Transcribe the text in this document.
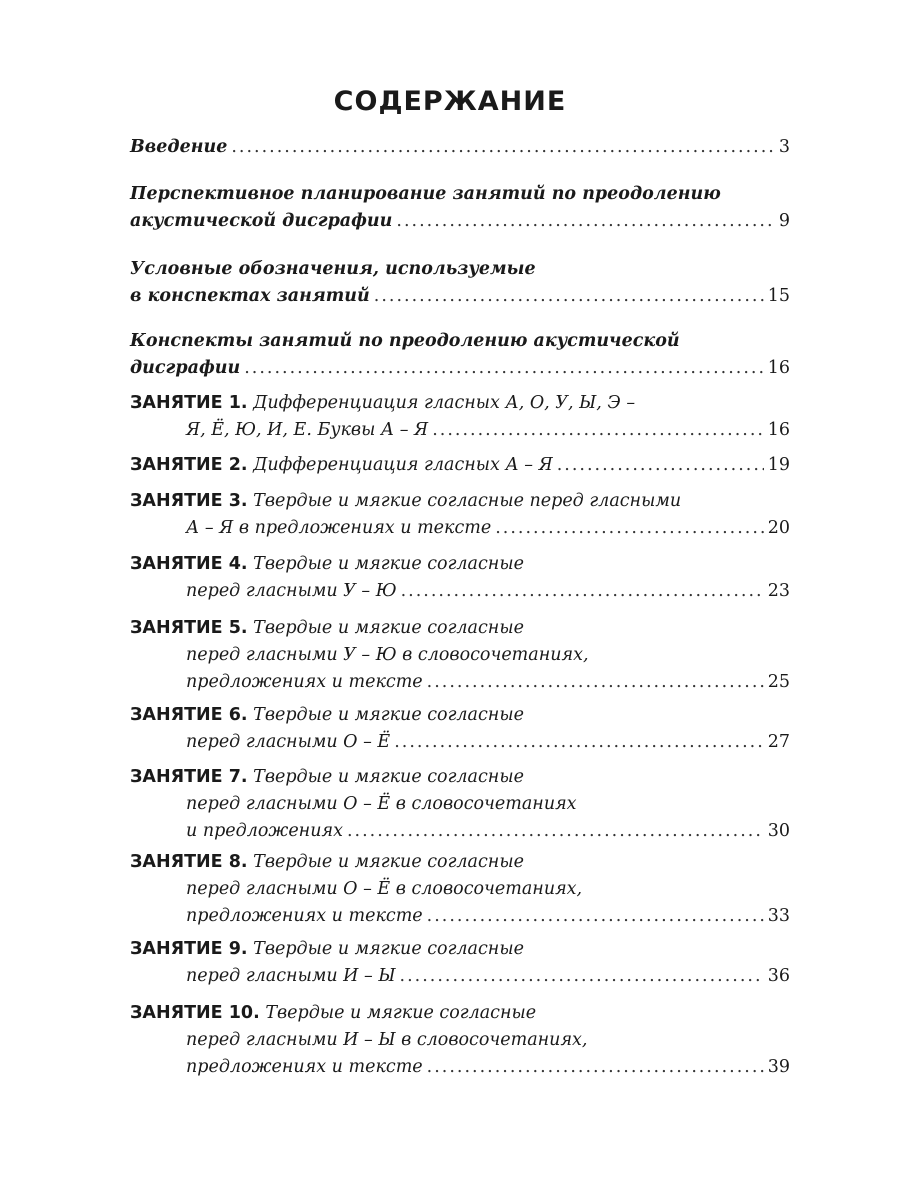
СОДЕРЖАНИЕ
Введение .....	3
Перспективное планирование занятий по преодолению
акустической дисграфии .....	9
Условные обозначения, используемые
в конспектах занятий .....	15
Конспекты занятий по преодолению акустической
дисграфии .....	16
ЗАНЯТИЕ 1. Дифференциация гласных А, О, У, Ы, Э –
Я, Ё, Ю, И, Е. Буквы А – Я .....	16
ЗАНЯТИЕ 2. Дифференциация гласных А – Я .....	19
ЗАНЯТИЕ 3. Твердые и мягкие согласные перед гласными
А – Я в предложениях и тексте .....	20
ЗАНЯТИЕ 4. Твердые и мягкие согласные
перед гласными У – Ю .....	23
ЗАНЯТИЕ 5. Твердые и мягкие согласные
перед гласными У – Ю в словосочетаниях,
предложениях и тексте .....	25
ЗАНЯТИЕ 6. Твердые и мягкие согласные
перед гласными О – Ё .....	27
ЗАНЯТИЕ 7. Твердые и мягкие согласные
перед гласными О – Ё в словосочетаниях
и предложениях .....	30
ЗАНЯТИЕ 8. Твердые и мягкие согласные
перед гласными О – Ё в словосочетаниях,
предложениях и тексте .....	33
ЗАНЯТИЕ 9. Твердые и мягкие согласные
перед гласными И – Ы .....	36
ЗАНЯТИЕ 10. Твердые и мягкие согласные
перед гласными И – Ы в словосочетаниях,
предложениях и тексте .....	39
